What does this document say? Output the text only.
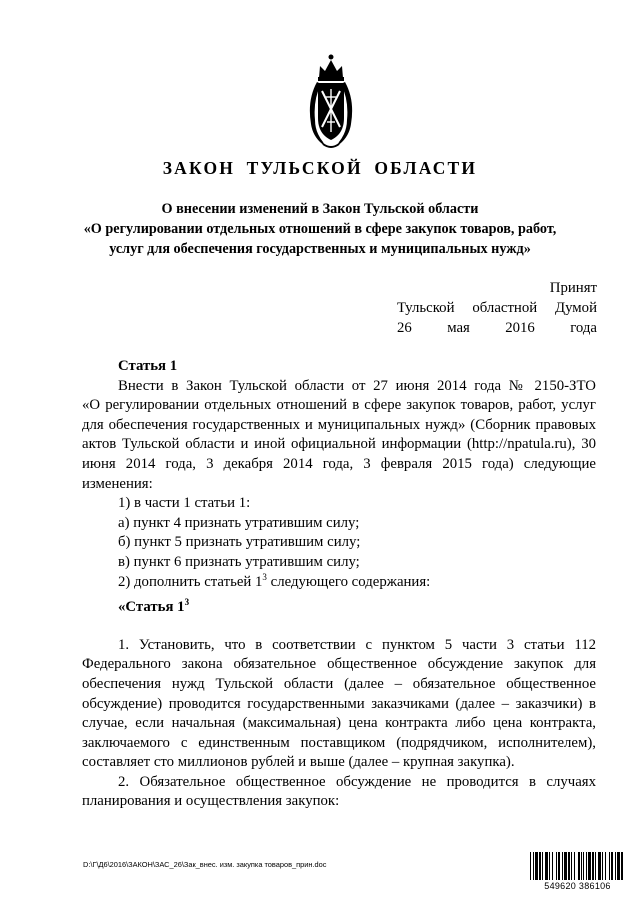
ЗАКОН ТУЛЬСКОЙ ОБЛАСТИ
О внесении изменений в Закон Тульской области
«О регулировании отдельных отношений в сфере закупок товаров, работ,
услуг для обеспечения государственных и муниципальных нужд»
Принят
Тульской областной Думой
26 мая 2016 года
Статья 1
Внести в Закон Тульской области от 27 июня 2014 года № 2150-ЗТО
«О регулировании отдельных отношений в сфере закупок товаров, работ, услуг
для обеспечения государственных и муниципальных нужд» (Сборник правовых
актов Тульской области и иной официальной информации (http://npatula.ru), 30
июня 2014 года, 3 декабря 2014 года, 3 февраля 2015 года) следующие
изменения:
1) в части 1 статьи 1:
а) пункт 4 признать утратившим силу;
б) пункт 5 признать утратившим силу;
в) пункт 6 признать утратившим силу;
2) дополнить статьей $1^3$ следующего содержания:
«Статья $1^3$
1. Установить, что в соответствии с пунктом 5 части 3 статьи 112
Федерального закона обязательное общественное обсуждение закупок для
обеспечения нужд Тульской области (далее – обязательное общественное
обсуждение) проводится государственными заказчиками (далее – заказчики) в
случае, если начальная (максимальная) цена контракта либо цена контракта,
заключаемого с единственным поставщиком (подрядчиком, исполнителем),
составляет сто миллионов рублей и выше (далее – крупная закупка).
2. Обязательное общественное обсуждение не проводится в случаях
планирования и осуществления закупок:
D:\Г\Д6\2016\ЗАКОН\ЗАС_26\Зак_внес. изм. закупка товаров_прин.doc
549620 386106
